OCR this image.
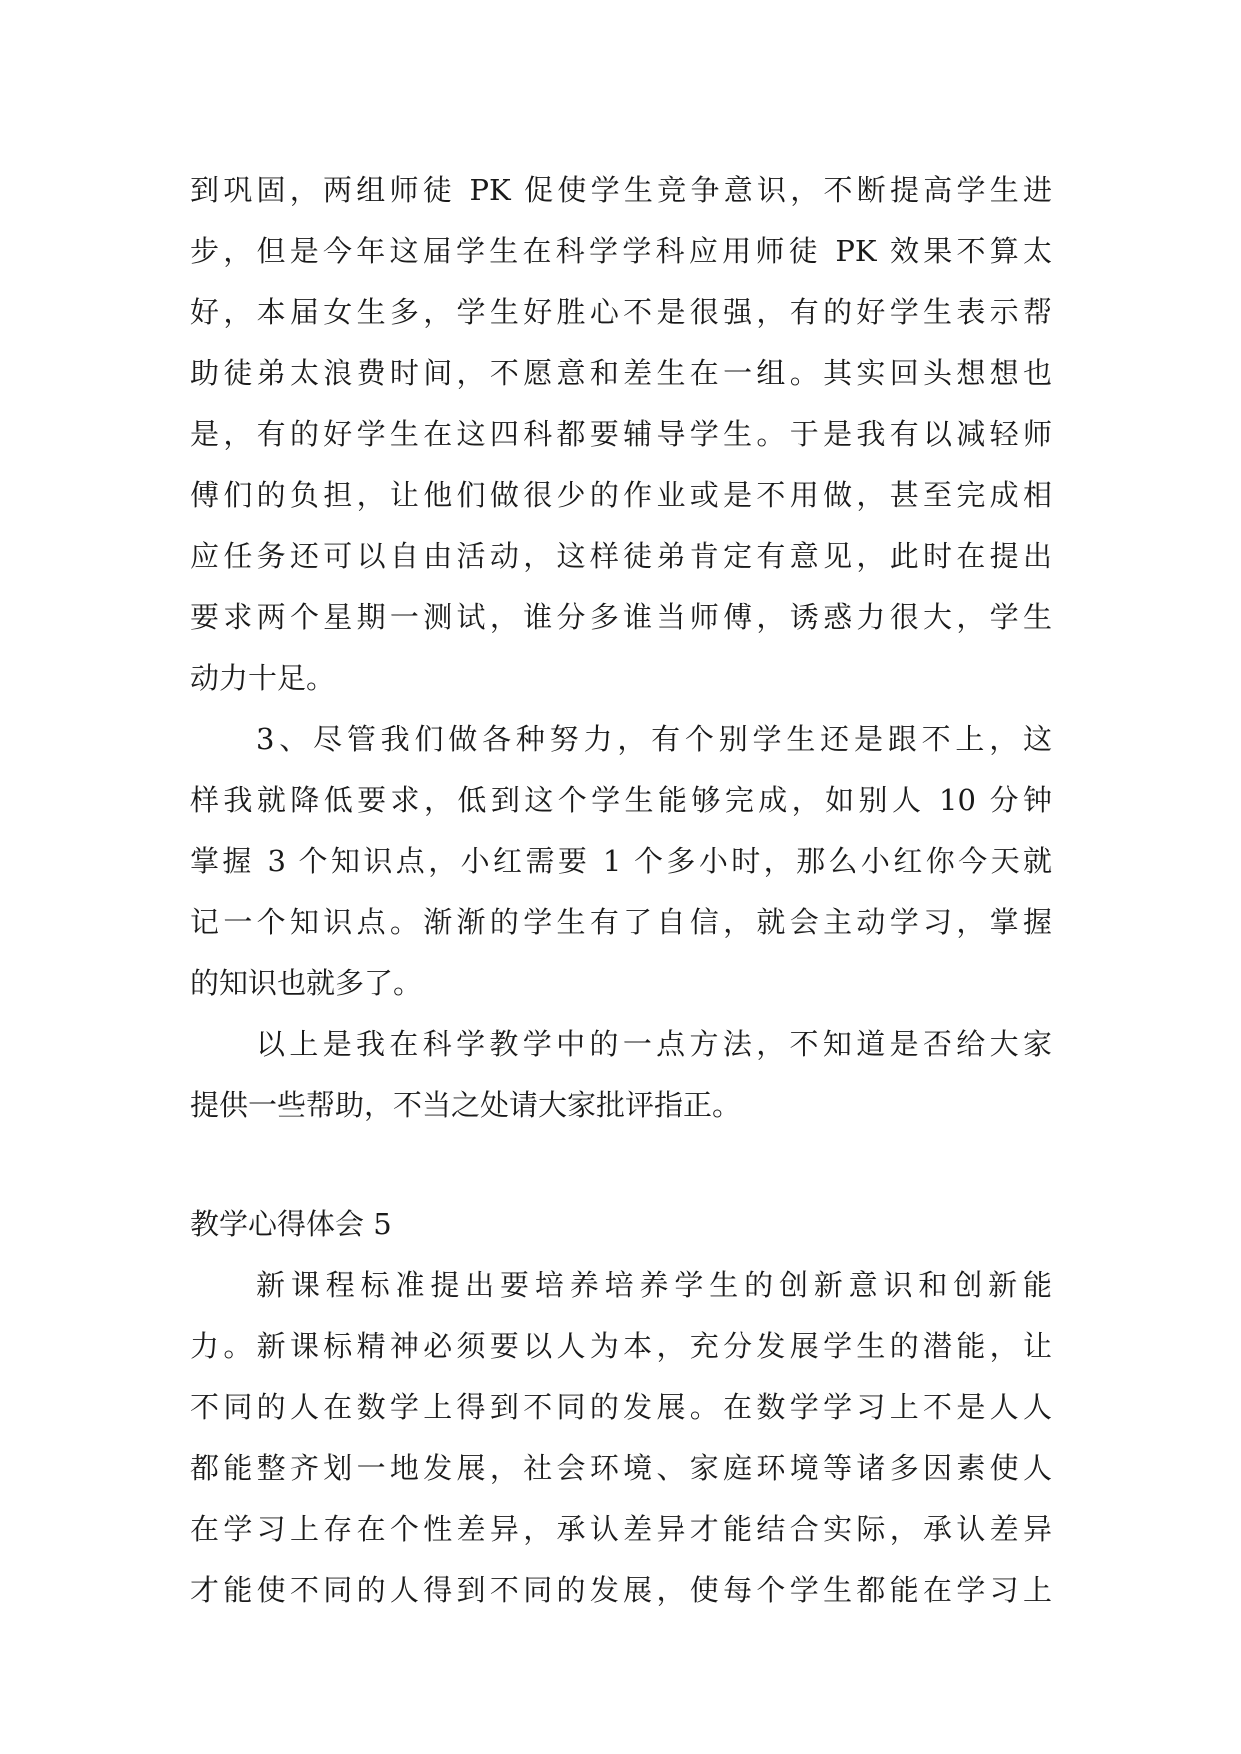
到巩固，两组师徒 PK 促使学生竞争意识，不断提高学生进
步，但是今年这届学生在科学学科应用师徒 PK 效果不算太
好，本届女生多，学生好胜心不是很强，有的好学生表示帮
助徒弟太浪费时间，不愿意和差生在一组。其实回头想想也
是，有的好学生在这四科都要辅导学生。于是我有以减轻师
傅们的负担，让他们做很少的作业或是不用做，甚至完成相
应任务还可以自由活动，这样徒弟肯定有意见，此时在提出
要求两个星期一测试，谁分多谁当师傅，诱惑力很大，学生
动力十足。
3、尽管我们做各种努力，有个别学生还是跟不上，这
样我就降低要求，低到这个学生能够完成，如别人 10 分钟
掌握 3 个知识点，小红需要 1 个多小时，那么小红你今天就
记一个知识点。渐渐的学生有了自信，就会主动学习，掌握
的知识也就多了。
以上是我在科学教学中的一点方法，不知道是否给大家
提供一些帮助，不当之处请大家批评指正。
教学心得体会 5
新课程标准提出要培养培养学生的创新意识和创新能
力。新课标精神必须要以人为本，充分发展学生的潜能，让
不同的人在数学上得到不同的发展。在数学学习上不是人人
都能整齐划一地发展，社会环境、家庭环境等诸多因素使人
在学习上存在个性差异，承认差异才能结合实际，承认差异
才能使不同的人得到不同的发展，使每个学生都能在学习上
